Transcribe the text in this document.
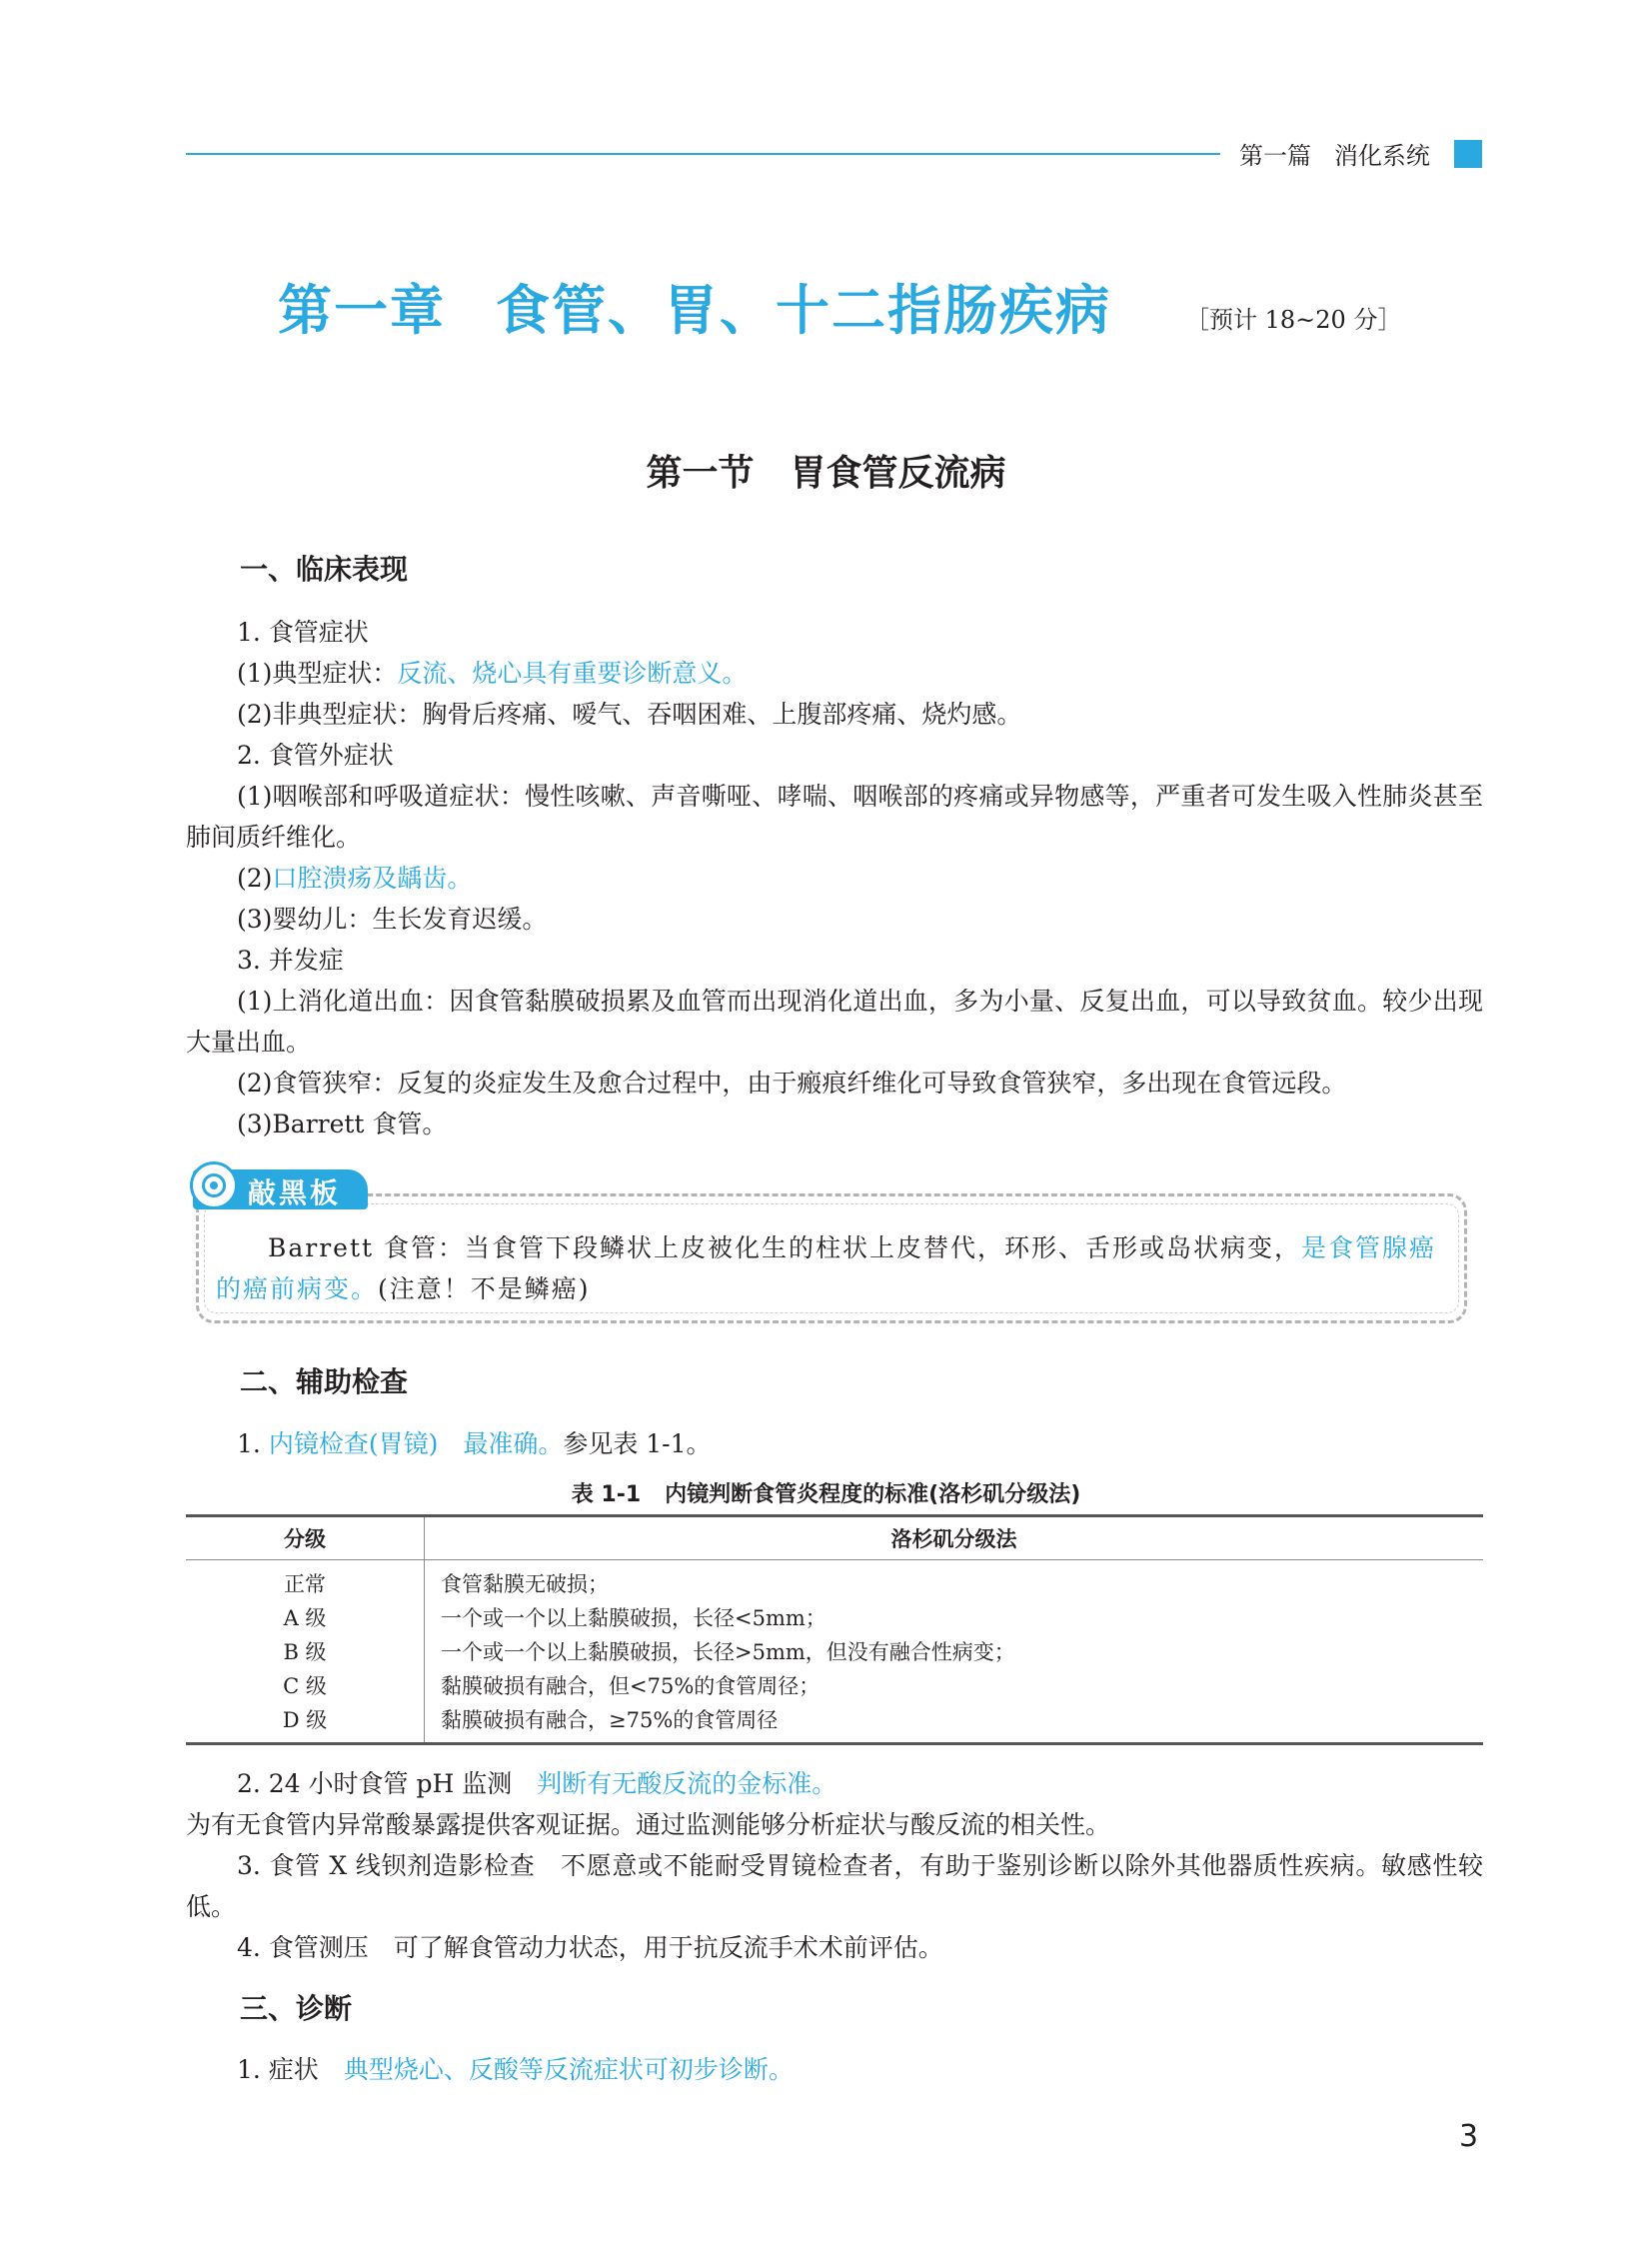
第一篇 消化系统
第一章 食管、胃、十二指肠疾病	［预计 18~20 分］
第一节 胃食管反流病
一、临床表现
1. 食管症状
(1)典型症状：反流、烧心具有重要诊断意义。
(2)非典型症状：胸骨后疼痛、嗳气、吞咽困难、上腹部疼痛、烧灼感。
2. 食管外症状
(1)咽喉部和呼吸道症状：慢性咳嗽、声音嘶哑、哮喘、咽喉部的疼痛或异物感等，严重者可发生吸入性肺炎甚至肺间质纤维化。
(2)口腔溃疡及龋齿。
(3)婴幼儿：生长发育迟缓。
3. 并发症
(1)上消化道出血：因食管黏膜破损累及血管而出现消化道出血，多为小量、反复出血，可以导致贫血。较少出现大量出血。
(2)食管狭窄：反复的炎症发生及愈合过程中，由于瘢痕纤维化可导致食管狭窄，多出现在食管远段。
(3)Barrett 食管。
敲黑板
Barrett 食管：当食管下段鳞状上皮被化生的柱状上皮替代，环形、舌形或岛状病变，是食管腺癌的癌前病变。(注意！不是鳞癌)
二、辅助检查
1. 内镜检查(胃镜)　最准确。参见表 1-1。
表 1-1 内镜判断食管炎程度的标准(洛杉矶分级法)
分级	洛杉矶分级法
正常	食管黏膜无破损；
A 级	一个或一个以上黏膜破损，长径<5mm；
B 级	一个或一个以上黏膜破损，长径>5mm，但没有融合性病变；
C 级	黏膜破损有融合，但<75%的食管周径；
D 级	黏膜破损有融合，≥75%的食管周径
2. 24 小时食管 pH 监测　判断有无酸反流的金标准。
为有无食管内异常酸暴露提供客观证据。通过监测能够分析症状与酸反流的相关性。
3. 食管 X 线钡剂造影检查　不愿意或不能耐受胃镜检查者，有助于鉴别诊断以除外其他器质性疾病。敏感性较低。
4. 食管测压　可了解食管动力状态，用于抗反流手术术前评估。
三、诊断
1. 症状　典型烧心、反酸等反流症状可初步诊断。
3
